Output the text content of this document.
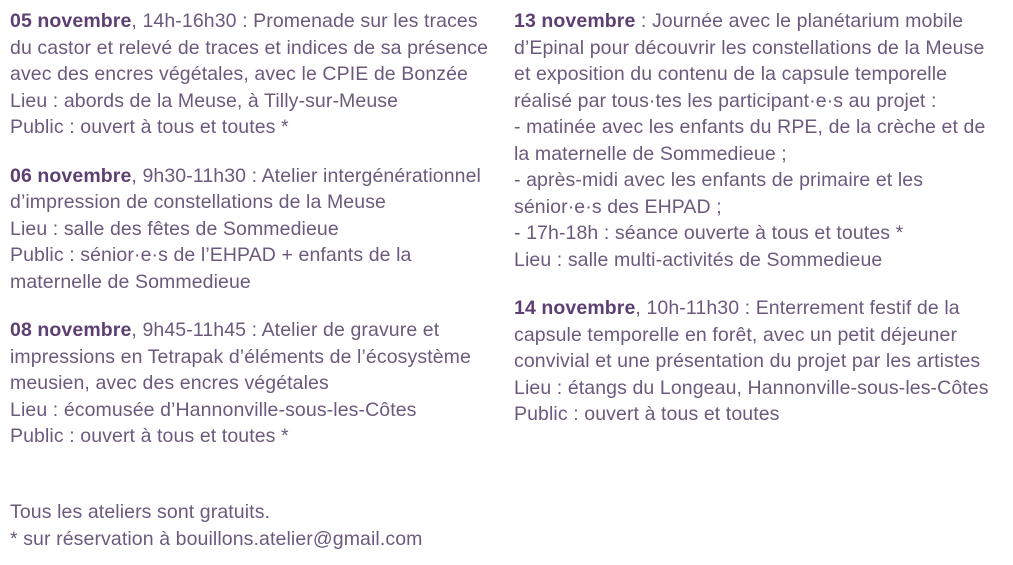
05 novembre, 14h-16h30 : Promenade sur les traces
du castor et relevé de traces et indices de sa présence
avec des encres végétales, avec le CPIE de Bonzée
Lieu : abords de la Meuse, à Tilly-sur-Meuse
Public : ouvert à tous et toutes *
06 novembre, 9h30-11h30 : Atelier intergénérationnel
d’impression de constellations de la Meuse
Lieu : salle des fêtes de Sommedieue
Public : sénior·e·s de l’EHPAD + enfants de la
maternelle de Sommedieue
08 novembre, 9h45-11h45 : Atelier de gravure et
impressions en Tetrapak d’éléments de l’écosystème
meusien, avec des encres végétales
Lieu : écomusée d’Hannonville-sous-les-Côtes
Public : ouvert à tous et toutes *
13 novembre : Journée avec le planétarium mobile
d’Epinal pour découvrir les constellations de la Meuse
et exposition du contenu de la capsule temporelle
réalisé par tous·tes les participant·e·s au projet :
- matinée avec les enfants du RPE, de la crèche et de
la maternelle de Sommedieue ;
- après-midi avec les enfants de primaire et les
sénior·e·s des EHPAD ;
- 17h-18h : séance ouverte à tous et toutes *
Lieu : salle multi-activités de Sommedieue
14 novembre, 10h-11h30 : Enterrement festif de la
capsule temporelle en forêt, avec un petit déjeuner
convivial et une présentation du projet par les artistes
Lieu : étangs du Longeau, Hannonville-sous-les-Côtes
Public : ouvert à tous et toutes
Tous les ateliers sont gratuits.
* sur réservation à bouillons.atelier@gmail.com
